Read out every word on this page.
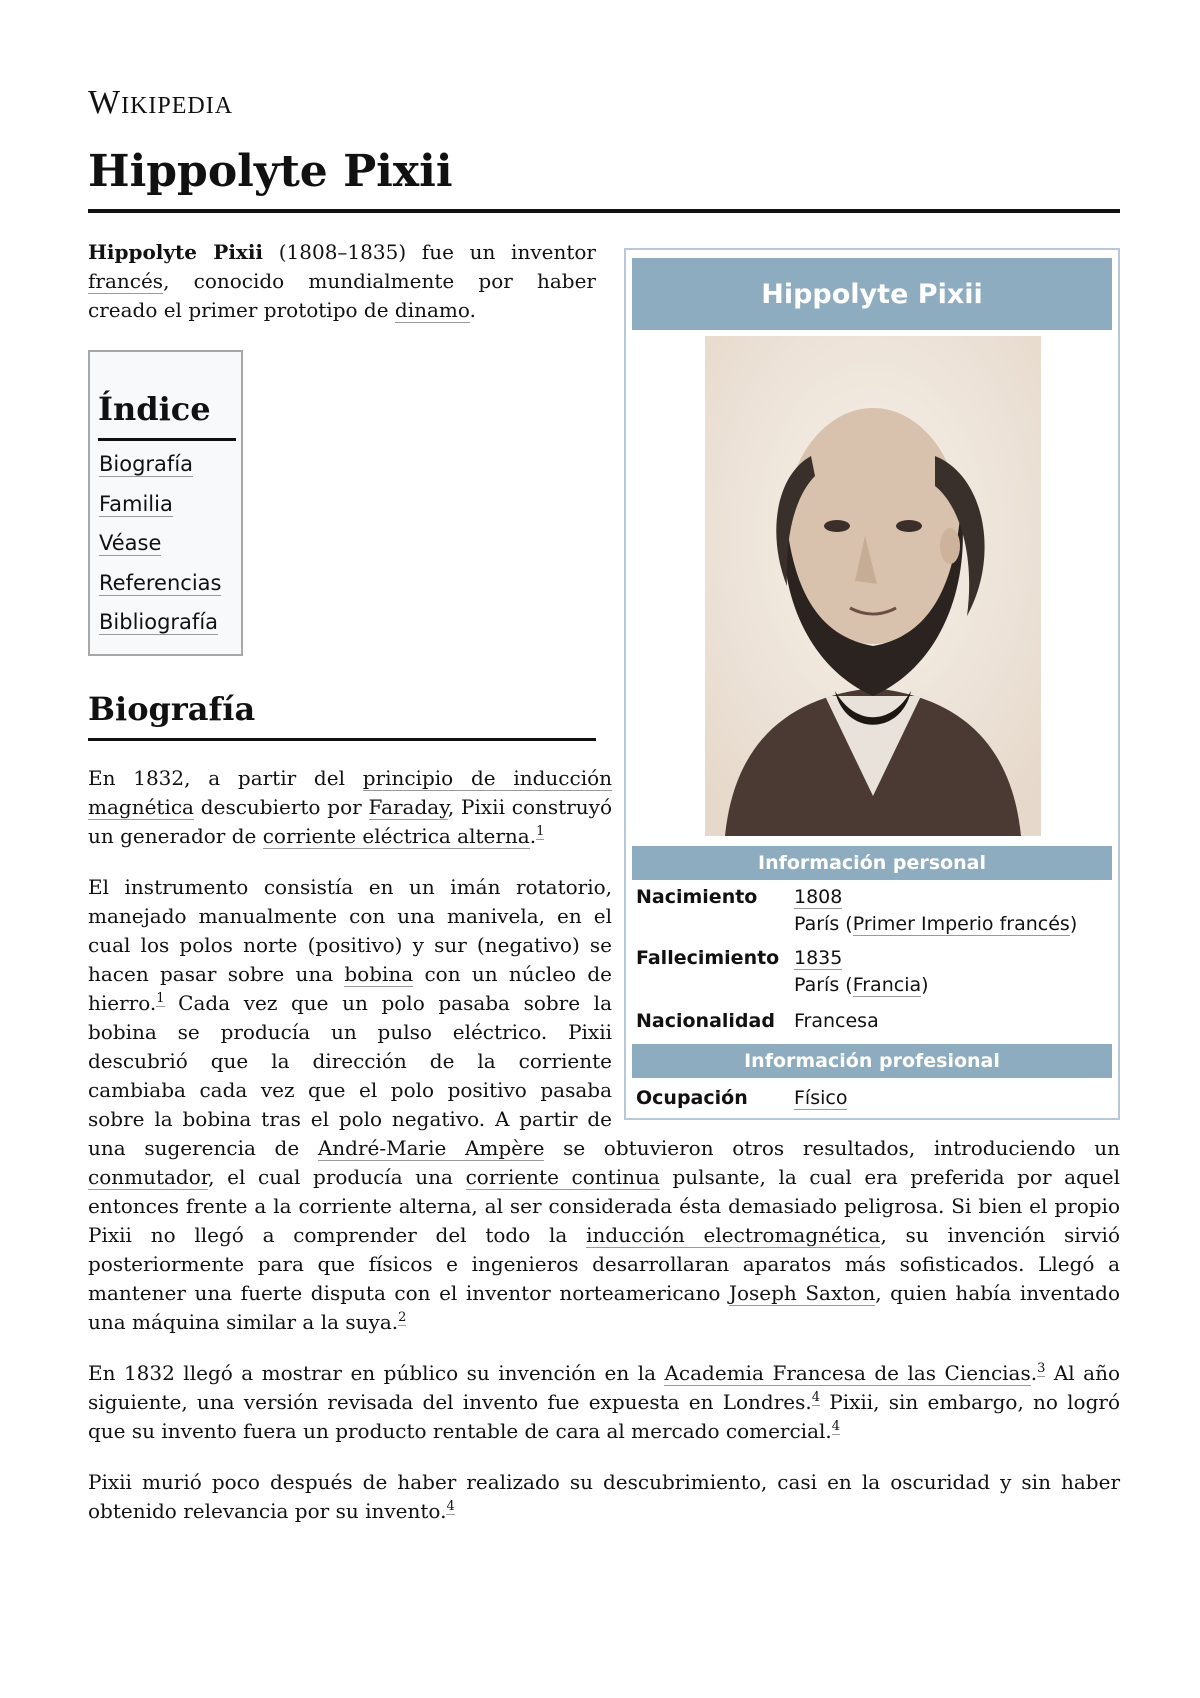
Wikipedia
Hippolyte Pixii

Hippolyte Pixii (1808–1835) fue un inventor francés, conocido mundialmente por haber creado el primer prototipo de dinamo.

Índice
Biografía
Familia
Véase
Referencias
Bibliografía
Biografía

En 1832, a partir del principio de inducción magnética descubierto por Faraday, Pixii construyó un generador de corriente eléctrica alterna.$^1$

El instrumento consistía en un imán rotatorio, manejado manualmente con una manivela, en el cual los polos norte (positivo) y sur (negativo) se hacen pasar sobre una bobina con un núcleo de hierro.$^1$ Cada vez que un polo pasaba sobre la bobina se producía un pulso eléctrico. Pixii descubrió que la dirección de la corriente cambiaba cada vez que el polo positivo pasaba sobre la bobina tras el polo negativo. A partir de una sugerencia de André-Marie Ampère se obtuvieron otros resultados, introduciendo un conmutador, el cual producía una corriente continua pulsante, la cual era preferida por aquel entonces frente a la corriente alterna, al ser considerada ésta demasiado peligrosa. Si bien el propio Pixii no llegó a comprender del todo la inducción electromagnética, su invención sirvió posteriormente para que físicos e ingenieros desarrollaran aparatos más sofisticados. Llegó a mantener una fuerte disputa con el inventor norteamericano Joseph Saxton, quien había inventado una máquina similar a la suya.$^2$

En 1832 llegó a mostrar en público su invención en la Academia Francesa de las Ciencias.$^3$ Al año siguiente, una versión revisada del invento fue expuesta en Londres.$^4$ Pixii, sin embargo, no logró que su invento fuera un producto rentable de cara al mercado comercial.$^4$

Pixii murió poco después de haber realizado su descubrimiento, casi en la oscuridad y sin haber obtenido relevancia por su invento.$^4$

Hippolyte Pixii
Información personal
Nacimiento 1808
París (Primer Imperio francés)
Fallecimiento 1835
París (Francia)
Nacionalidad Francesa
Información profesional
Ocupación Físico
